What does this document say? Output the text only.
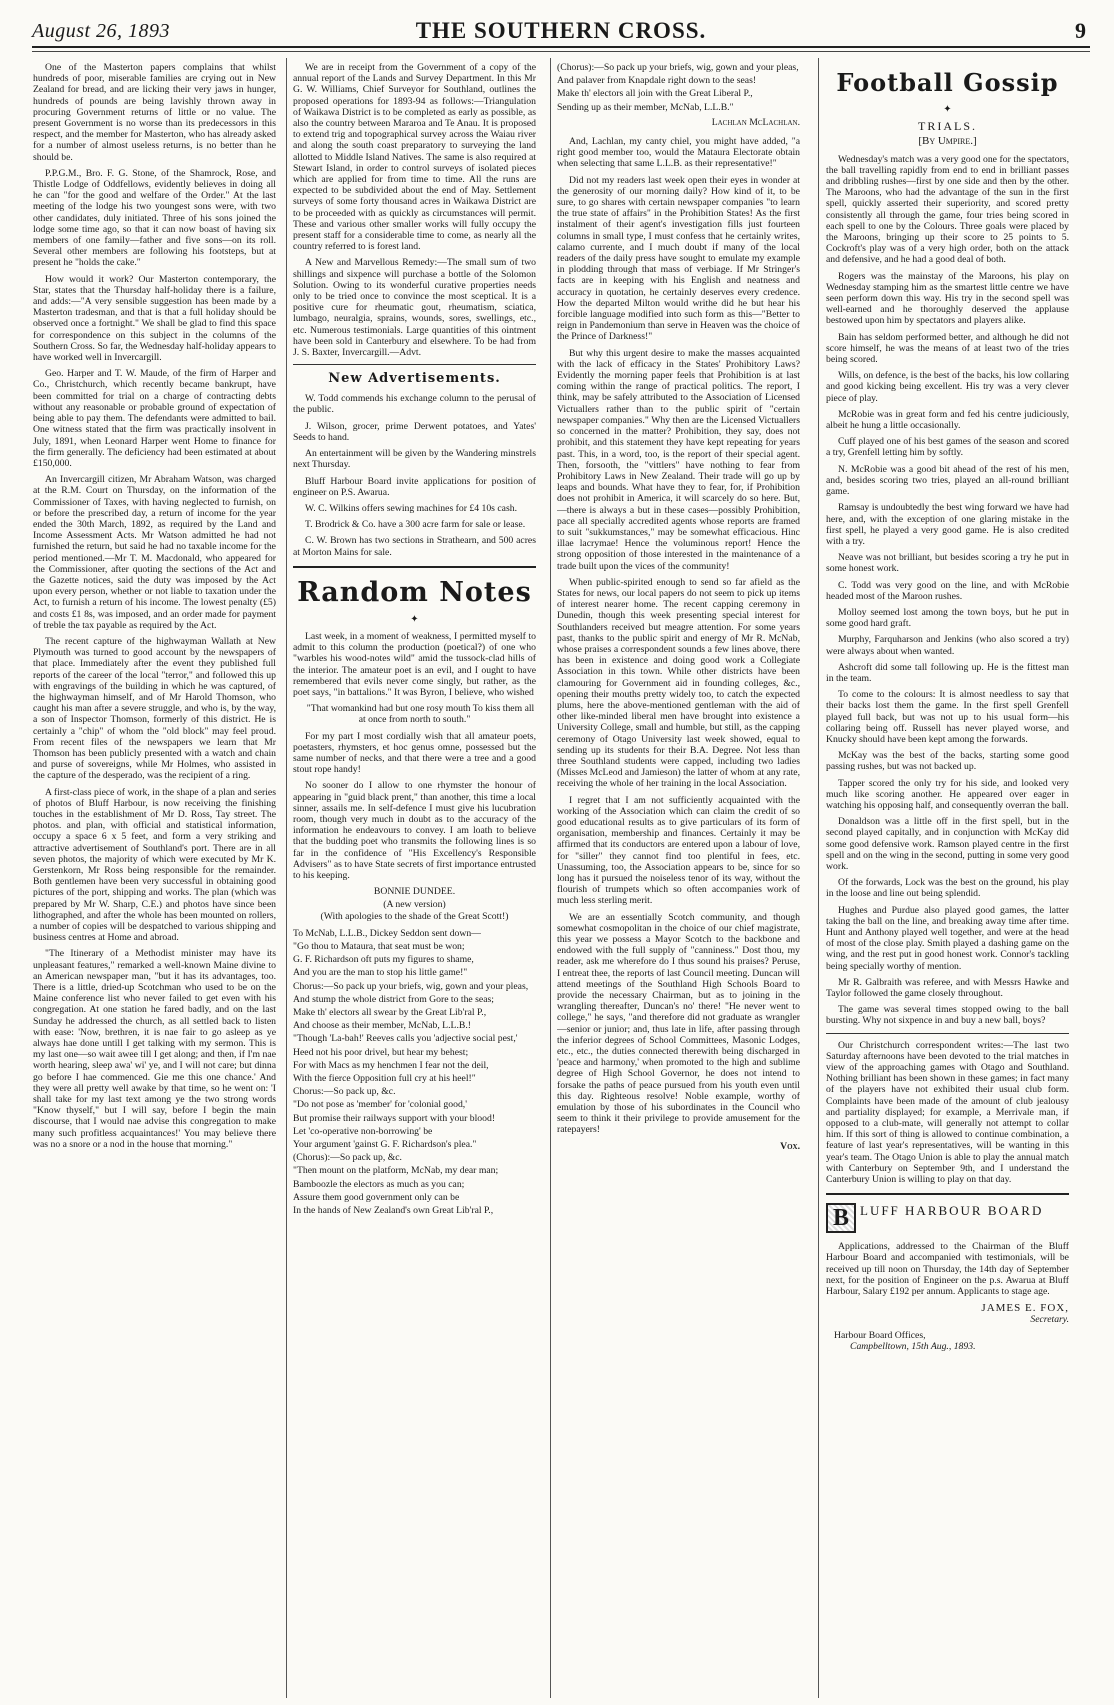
August 26, 1893	THE SOUTHERN CROSS.	9

One of the Masterton papers complains that whilst hundreds of poor, miserable families are crying out in New Zealand for bread, and are licking their very jaws in hunger, hundreds of pounds are being lavishly thrown away in procuring Government returns of little or no value. The present Government is no worse than its predecessors in this respect, and the member for Masterton, who has already asked for a number of almost useless returns, is no better than he should be.

P.P.G.M., Bro. F. G. Stone, of the Shamrock, Rose, and Thistle Lodge of Oddfellows, evidently believes in doing all he can "for the good and welfare of the Order." At the last meeting of the lodge his two youngest sons were, with two other candidates, duly initiated. Three of his sons joined the lodge some time ago, so that it can now boast of having six members of one family—father and five sons—on its roll. Several other members are following his footsteps, but at present he "holds the cake."

How would it work? Our Masterton contemporary, the Star, states that the Thursday half-holiday there is a failure, and adds:—"A very sensible suggestion has been made by a Masterton tradesman, and that is that a full holiday should be observed once a fortnight." We shall be glad to find this space for correspondence on this subject in the columns of the Southern Cross. So far, the Wednesday half-holiday appears to have worked well in Invercargill.

Geo. Harper and T. W. Maude, of the firm of Harper and Co., Christchurch, which recently became bankrupt, have been committed for trial on a charge of contracting debts without any reasonable or probable ground of expectation of being able to pay them. The defendants were admitted to bail. One witness stated that the firm was practically insolvent in July, 1891, when Leonard Harper went Home to finance for the firm generally. The deficiency had been estimated at about £150,000.

An Invercargill citizen, Mr Abraham Watson, was charged at the R.M. Court on Thursday, on the information of the Commissioner of Taxes, with having neglected to furnish, on or before the prescribed day, a return of income for the year ended the 30th March, 1892, as required by the Land and Income Assessment Acts. Mr Watson admitted he had not furnished the return, but said he had no taxable income for the period mentioned.—Mr T. M. Macdonald, who appeared for the Commissioner, after quoting the sections of the Act and the Gazette notices, said the duty was imposed by the Act upon every person, whether or not liable to taxation under the Act, to furnish a return of his income. The lowest penalty (£5) and costs £1 8s, was imposed, and an order made for payment of treble the tax payable as required by the Act.

The recent capture of the highwayman Wallath at New Plymouth was turned to good account by the newspapers of that place. Immediately after the event they published full reports of the career of the local "terror," and followed this up with engravings of the building in which he was captured, of the highwayman himself, and of Mr Harold Thomson, who caught his man after a severe struggle, and who is, by the way, a son of Inspector Thomson, formerly of this district. He is certainly a "chip" of whom the "old block" may feel proud. From recent files of the newspapers we learn that Mr Thomson has been publicly presented with a watch and chain and purse of sovereigns, while Mr Holmes, who assisted in the capture of the desperado, was the recipient of a ring.

A first-class piece of work, in the shape of a plan and series of photos of Bluff Harbour, is now receiving the finishing touches in the establishment of Mr D. Ross, Tay street. The photos. and plan, with official and statistical information, occupy a space 6 x 5 feet, and form a very striking and attractive advertisement of Southland's port. There are in all seven photos, the majority of which were executed by Mr K. Gerstenkorn, Mr Ross being responsible for the remainder. Both gentlemen have been very successful in obtaining good pictures of the port, shipping and works. The plan (which was prepared by Mr W. Sharp, C.E.) and photos have since been lithographed, and after the whole has been mounted on rollers, a number of copies will be despatched to various shipping and business centres at Home and abroad.

"The Itinerary of a Methodist minister may have its unpleasant features," remarked a well-known Maine divine to an American newspaper man, "but it has its advantages, too. There is a little, dried-up Scotchman who used to be on the Maine conference list who never failed to get even with his congregation. At one station he fared badly, and on the last Sunday he addressed the church, as all settled back to listen with ease: 'Now, brethren, it is nae fair to go asleep as ye always hae done untill I get talking with my sermon. This is my last one—so wait awee till I get along; and then, if I'm nae worth hearing, sleep awa' wi' ye, and I will not care; but dinna go before I hae commenced. Gie me this one chance.' And they were all pretty well awake by that time, so he went on: 'I shall take for my last text among ye the two strong words "Know thyself," but I will say, before I begin the main discourse, that I would nae advise this congregation to make many such profitless acquaintances!' You may believe there was no a snore or a nod in the house that morning."

We are in receipt from the Government of a copy of the annual report of the Lands and Survey Department. In this Mr G. W. Williams, Chief Surveyor for Southland, outlines the proposed operations for 1893-94 as follows:—Triangulation of Waikawa District is to be completed as early as possible, as also the country between Mararoa and Te Anau. It is proposed to extend trig and topographical survey across the Waiau river and along the south coast preparatory to surveying the land allotted to Middle Island Natives. The same is also required at Stewart Island, in order to control surveys of isolated pieces which are applied for from time to time. All the runs are expected to be subdivided about the end of May. Settlement surveys of some forty thousand acres in Waikawa District are to be proceeded with as quickly as circumstances will permit. These and various other smaller works will fully occupy the present staff for a considerable time to come, as nearly all the country referred to is forest land.

A New and Marvellous Remedy:—The small sum of two shillings and sixpence will purchase a bottle of the Solomon Solution. Owing to its wonderful curative properties needs only to be tried once to convince the most sceptical. It is a positive cure for rheumatic gout, rheumatism, sciatica, lumbago, neuralgia, sprains, wounds, sores, swellings, etc., etc. Numerous testimonials. Large quantities of this ointment have been sold in Canterbury and elsewhere. To be had from J. S. Baxter, Invercargill.—Advt.

New Advertisements.

W. Todd commends his exchange column to the perusal of the public.

J. Wilson, grocer, prime Derwent potatoes, and Yates' Seeds to hand.

An entertainment will be given by the Wandering minstrels next Thursday.

Bluff Harbour Board invite applications for position of engineer on P.S. Awarua.

W. C. Wilkins offers sewing machines for £4 10s cash.

T. Brodrick & Co. have a 300 acre farm for sale or lease.

C. W. Brown has two sections in Strathearn, and 500 acres at Morton Mains for sale.

Random Notes
✦

Last week, in a moment of weakness, I permitted myself to admit to this column the production (poetical?) of one who "warbles his wood-notes wild" amid the tussock-clad hills of the interior. The amateur poet is an evil, and I ought to have remembered that evils never come singly, but rather, as the poet says, "in battalions." It was Byron, I believe, who wished

"That womankind had but one rosy mouth To kiss them all at once from north to south."

For my part I most cordially wish that all amateur poets, poetasters, rhymsters, et hoc genus omne, possessed but the same number of necks, and that there were a tree and a good stout rope handy!

No sooner do I allow to one rhymster the honour of appearing in "guid black prent," than another, this time a local sinner, assails me. In self-defence I must give his lucubration room, though very much in doubt as to the accuracy of the information he endeavours to convey. I am loath to believe that the budding poet who transmits the following lines is so far in the confidence of "His Excellency's Responsible Advisers" as to have State secrets of first importance entrusted to his keeping.

BONNIE DUNDEE.
(A new version)
(With apologies to the shade of the Great Scott!)
To McNab, L.L.B., Dickey Seddon sent down—
"Go thou to Mataura, that seat must be won;
G. F. Richardson oft puts my figures to shame,
And you are the man to stop his little game!"
Chorus:—So pack up your briefs, wig, gown and your pleas,
And stump the whole district from Gore to the seas;
Make th' electors all swear by the Great Lib'ral P.,
And choose as their member, McNab, L.L.B.!
"Though 'La-bah!' Reeves calls you 'adjective social pest,'
Heed not his poor drivel, but hear my behest;
For with Macs as my henchmen I fear not the deil,
With the fierce Opposition full cry at his heel!"
Chorus:—So pack up, &c.
"Do not pose as 'member' for 'colonial good,'
But promise their railways support with your blood!
Let 'co-operative non-borrowing' be
Your argument 'gainst G. F. Richardson's plea."
(Chorus):—So pack up, &c.
"Then mount on the platform, McNab, my dear man;
Bamboozle the electors as much as you can;
Assure them good government only can be
In the hands of New Zealand's own Great Lib'ral P.,
(Chorus):—So pack up your briefs, wig, gown and your pleas,
And palaver from Knapdale right down to the seas!
Make th' electors all join with the Great Liberal P.,
Sending up as their member, McNab, L.L.B."
Lachlan McLachlan.

And, Lachlan, my canty chiel, you might have added, "a right good member too, would the Mataura Electorate obtain when selecting that same L.L.B. as their representative!"

Did not my readers last week open their eyes in wonder at the generosity of our morning daily? How kind of it, to be sure, to go shares with certain newspaper companies "to learn the true state of affairs" in the Prohibition States! As the first instalment of their agent's investigation fills just fourteen columns in small type, I must confess that he certainly writes, calamo currente, and I much doubt if many of the local readers of the daily press have sought to emulate my example in plodding through that mass of verbiage. If Mr Stringer's facts are in keeping with his English and neatness and accuracy in quotation, he certainly deserves every credence. How the departed Milton would writhe did he but hear his forcible language modified into such form as this—"Better to reign in Pandemonium than serve in Heaven was the choice of the Prince of Darkness!"

But why this urgent desire to make the masses acquainted with the lack of efficacy in the States' Prohibitory Laws? Evidently the morning paper feels that Prohibition is at last coming within the range of practical politics. The report, I think, may be safely attributed to the Association of Licensed Victuallers rather than to the public spirit of "certain newspaper companies." Why then are the Licensed Victuallers so concerned in the matter? Prohibition, they say, does not prohibit, and this statement they have kept repeating for years past. This, in a word, too, is the report of their special agent. Then, forsooth, the "vittlers" have nothing to fear from Prohibitory Laws in New Zealand. Their trade will go up by leaps and bounds. What have they to fear, for, if Prohibition does not prohibit in America, it will scarcely do so here. But,—there is always a but in these cases—possibly Prohibition, pace all specially accredited agents whose reports are framed to suit "sukkumstances," may be somewhat efficacious. Hinc illae lacrymae! Hence the voluminous report! Hence the strong opposition of those interested in the maintenance of a trade built upon the vices of the community!

When public-spirited enough to send so far afield as the States for news, our local papers do not seem to pick up items of interest nearer home. The recent capping ceremony in Dunedin, though this week presenting special interest for Southlanders received but meagre attention. For some years past, thanks to the public spirit and energy of Mr R. McNab, whose praises a correspondent sounds a few lines above, there has been in existence and doing good work a Collegiate Association in this town. While other districts have been clamouring for Government aid in founding colleges, &c., opening their mouths pretty widely too, to catch the expected plums, here the above-mentioned gentleman with the aid of other like-minded liberal men have brought into existence a University College, small and humble, but still, as the capping ceremony of Otago University last week showed, equal to sending up its students for their B.A. Degree. Not less than three Southland students were capped, including two ladies (Misses McLeod and Jamieson) the latter of whom at any rate, receiving the whole of her training in the local Association.

I regret that I am not sufficiently acquainted with the working of the Association which can claim the credit of so good educational results as to give particulars of its form of organisation, membership and finances. Certainly it may be affirmed that its conductors are entered upon a labour of love, for "siller" they cannot find too plentiful in fees, etc. Unassuming, too, the Association appears to be, since for so long has it pursued the noiseless tenor of its way, without the flourish of trumpets which so often accompanies work of much less sterling merit.

We are an essentially Scotch community, and though somewhat cosmopolitan in the choice of our chief magistrate, this year we possess a Mayor Scotch to the backbone and endowed with the full supply of "canniness." Dost thou, my reader, ask me wherefore do I thus sound his praises? Peruse, I entreat thee, the reports of last Council meeting. Duncan will attend meetings of the Southland High Schools Board to provide the necessary Chairman, but as to joining in the wrangling thereafter, Duncan's no' there! "He never went to college," he says, "and therefore did not graduate as wrangler—senior or junior; and, thus late in life, after passing through the inferior degrees of School Committees, Masonic Lodges, etc., etc., the duties connected therewith being discharged in 'peace and harmony,' when promoted to the high and sublime degree of High School Governor, he does not intend to forsake the paths of peace pursued from his youth even until this day. Righteous resolve! Noble example, worthy of emulation by those of his subordinates in the Council who seem to think it their privilege to provide amusement for the ratepayers!

Vox.
Football Gossip
✦
TRIALS.
[By Umpire.]

Wednesday's match was a very good one for the spectators, the ball travelling rapidly from end to end in brilliant passes and dribbling rushes—first by one side and then by the other. The Maroons, who had the advantage of the sun in the first spell, quickly asserted their superiority, and scored pretty consistently all through the game, four tries being scored in each spell to one by the Colours. Three goals were placed by the Maroons, bringing up their score to 25 points to 5. Cockroft's play was of a very high order, both on the attack and defensive, and he had a good deal of both.

Rogers was the mainstay of the Maroons, his play on Wednesday stamping him as the smartest little centre we have seen perform down this way. His try in the second spell was well-earned and he thoroughly deserved the applause bestowed upon him by spectators and players alike.

Bain has seldom performed better, and although he did not score himself, he was the means of at least two of the tries being scored.

Wills, on defence, is the best of the backs, his low collaring and good kicking being excellent. His try was a very clever piece of play.

McRobie was in great form and fed his centre judiciously, albeit he hung a little occasionally.

Cuff played one of his best games of the season and scored a try, Grenfell letting him by softly.

N. McRobie was a good bit ahead of the rest of his men, and, besides scoring two tries, played an all-round brilliant game.

Ramsay is undoubtedly the best wing forward we have had here, and, with the exception of one glaring mistake in the first spell, he played a very good game. He is also credited with a try.

Neave was not brilliant, but besides scoring a try he put in some honest work.

C. Todd was very good on the line, and with McRobie headed most of the Maroon rushes.

Molloy seemed lost among the town boys, but he put in some good hard graft.

Murphy, Farquharson and Jenkins (who also scored a try) were always about when wanted.

Ashcroft did some tall following up. He is the fittest man in the team.

To come to the colours: It is almost needless to say that their backs lost them the game. In the first spell Grenfell played full back, but was not up to his usual form—his collaring being off. Russell has never played worse, and Knucky should have been kept among the forwards.

McKay was the best of the backs, starting some good passing rushes, but was not backed up.

Tapper scored the only try for his side, and looked very much like scoring another. He appeared over eager in watching his opposing half, and consequently overran the ball.

Donaldson was a little off in the first spell, but in the second played capitally, and in conjunction with McKay did some good defensive work. Ramson played centre in the first spell and on the wing in the second, putting in some very good work.

Of the forwards, Lock was the best on the ground, his play in the loose and line out being splendid.

Hughes and Purdue also played good games, the latter taking the ball on the line, and breaking away time after time. Hunt and Anthony played well together, and were at the head of most of the close play. Smith played a dashing game on the wing, and the rest put in good honest work. Connor's tackling being specially worthy of mention.

Mr R. Galbraith was referee, and with Messrs Hawke and Taylor followed the game closely throughout.

The game was several times stopped owing to the ball bursting. Why not sixpence in and buy a new ball, boys?

Our Christchurch correspondent writes:—The last two Saturday afternoons have been devoted to the trial matches in view of the approaching games with Otago and Southland. Nothing brilliant has been shown in these games; in fact many of the players have not exhibited their usual club form. Complaints have been made of the amount of club jealousy and partiality displayed; for example, a Merrivale man, if opposed to a club-mate, will generally not attempt to collar him. If this sort of thing is allowed to continue combination, a feature of last year's representatives, will be wanting in this year's team. The Otago Union is able to play the annual match with Canterbury on September 9th, and I understand the Canterbury Union is willing to play on that day.

B LUFF HARBOUR BOARD

Applications, addressed to the Chairman of the Bluff Harbour Board and accompanied with testimonials, will be received up till noon on Thursday, the 14th day of September next, for the position of Engineer on the p.s. Awarua at Bluff Harbour, Salary £192 per annum. Applicants to stage age.

JAMES E. FOX,
Secretary.
Harbour Board Offices,
Campbelltown, 15th Aug., 1893.
